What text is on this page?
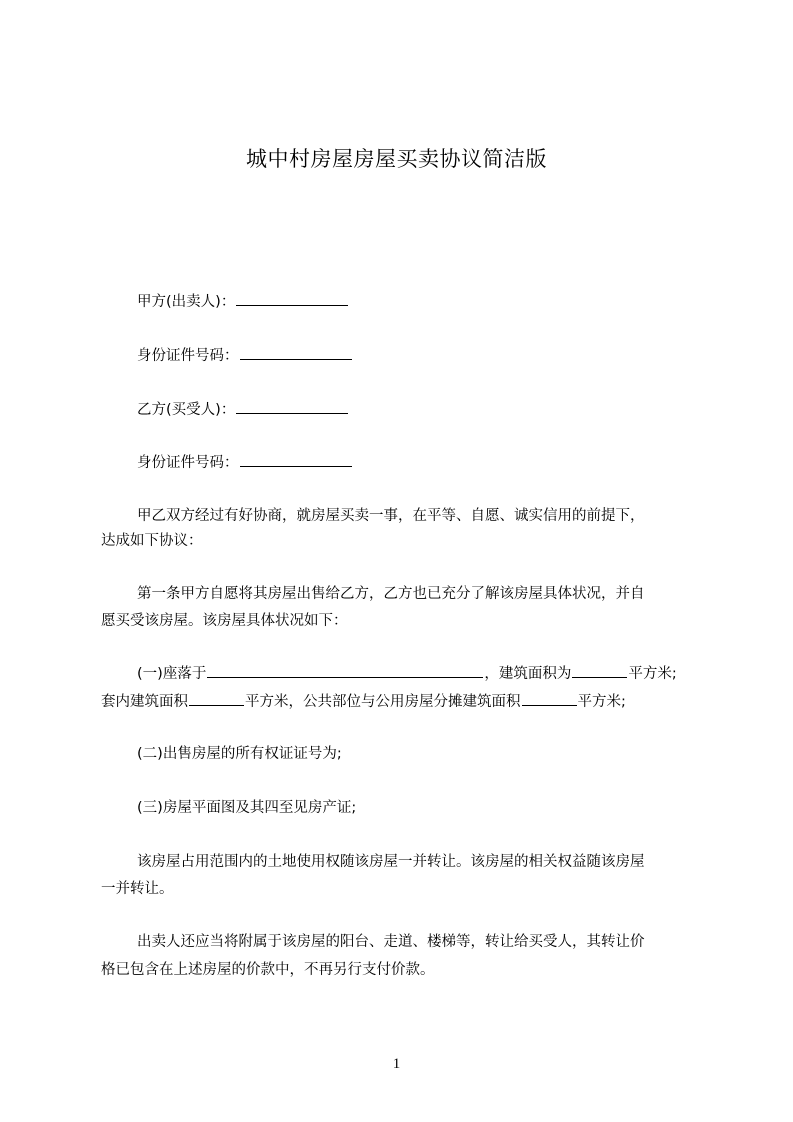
城中村房屋房屋买卖协议简洁版
甲方(出卖人)：
身份证件号码：
乙方(买受人)：
身份证件号码：
甲乙双方经过有好协商，就房屋买卖一事，在平等、自愿、诚实信用的前提下，
达成如下协议：
第一条甲方自愿将其房屋出售给乙方，乙方也已充分了解该房屋具体状况，并自
愿买受该房屋。该房屋具体状况如下：
(一)座落于	，建筑面积为	平方米;
套内建筑面积	平方米，公共部位与公用房屋分摊建筑面积	平方米;
(二)出售房屋的所有权证证号为;
(三)房屋平面图及其四至见房产证;
该房屋占用范围内的土地使用权随该房屋一并转让。该房屋的相关权益随该房屋
一并转让。
出卖人还应当将附属于该房屋的阳台、走道、楼梯等，转让给买受人，其转让价
格已包含在上述房屋的价款中，不再另行支付价款。
1
